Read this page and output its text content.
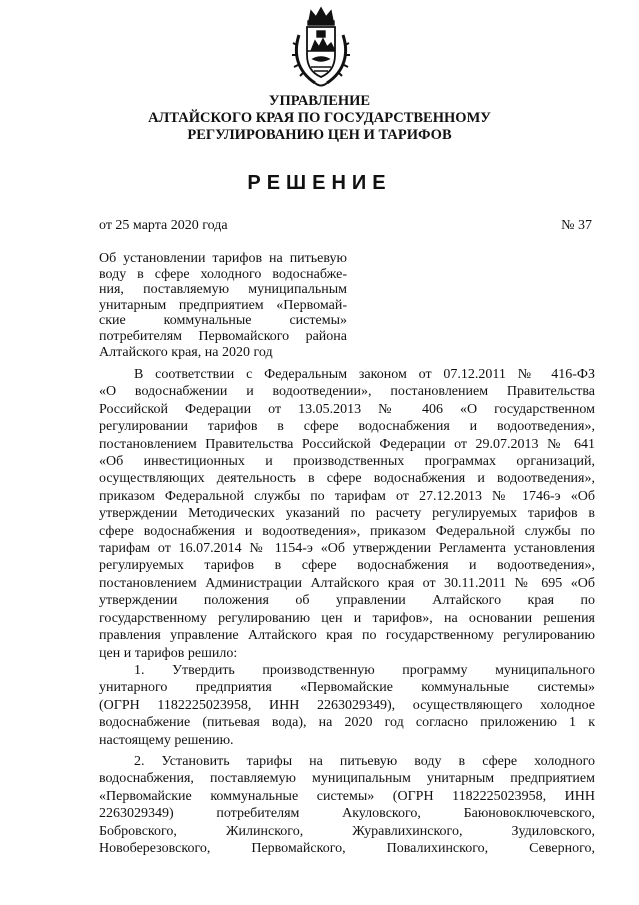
УПРАВЛЕНИЕ
АЛТАЙСКОГО КРАЯ ПО ГОСУДАРСТВЕННОМУ
РЕГУЛИРОВАНИЮ ЦЕН И ТАРИФОВ
РЕШЕНИЕ
от 25 марта 2020 года	№ 37
Об установлении тарифов на питьевую
воду в сфере холодного водоснабже-
ния, поставляемую муниципальным
унитарным предприятием «Первомай-
ские коммунальные системы»
потребителям Первомайского района
Алтайского края, на 2020 год
В соответствии с Федеральным законом от 07.12.2011 № 416-ФЗ
«О водоснабжении и водоотведении», постановлением Правительства
Российской Федерации от 13.05.2013 № 406 «О государственном
регулировании тарифов в сфере водоснабжения и водоотведения»,
постановлением Правительства Российской Федерации от 29.07.2013 № 641
«Об инвестиционных и производственных программах организаций,
осуществляющих деятельность в сфере водоснабжения и водоотведения»,
приказом Федеральной службы по тарифам от 27.12.2013 № 1746-э «Об
утверждении Методических указаний по расчету регулируемых тарифов в
сфере водоснабжения и водоотведения», приказом Федеральной службы по
тарифам от 16.07.2014 № 1154-э «Об утверждении Регламента установления
регулируемых тарифов в сфере водоснабжения и водоотведения»,
постановлением Администрации Алтайского края от 30.11.2011 № 695 «Об
утверждении положения об управлении Алтайского края по
государственному регулированию цен и тарифов», на основании решения
правления управление Алтайского края по государственному регулированию
цен и тарифов решило:
1. Утвердить производственную программу муниципального
унитарного предприятия «Первомайские коммунальные системы»
(ОГРН 1182225023958, ИНН 2263029349), осуществляющего холодное
водоснабжение (питьевая вода), на 2020 год согласно приложению 1 к
настоящему решению.
2. Установить тарифы на питьевую воду в сфере холодного
водоснабжения, поставляемую муниципальным унитарным предприятием
«Первомайские коммунальные системы» (ОГРН 1182225023958, ИНН
2263029349) потребителям Акуловского, Баюновоключевского,
Бобровского, Жилинского, Журавлихинского, Зудиловского,
Новоберезовского, Первомайского, Повалихинского, Северного,
